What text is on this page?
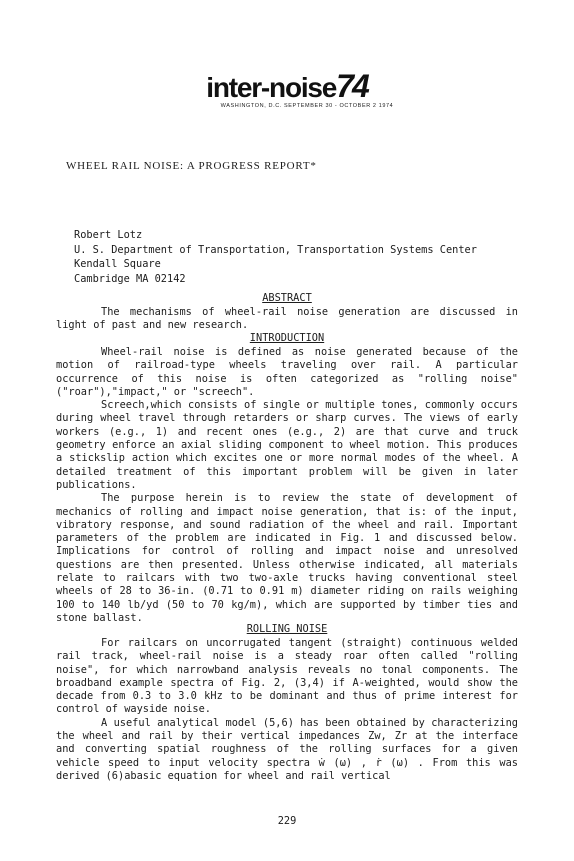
inter-noise74
WASHINGTON, D.C. SEPTEMBER 30 - OCTOBER 2 1974
WHEEL RAIL NOISE: A PROGRESS REPORT*
Robert Lotz
U. S. Department of Transportation, Transportation Systems Center
Kendall Square
Cambridge MA 02142
ABSTRACT

The mechanisms of wheel-rail noise generation are discussed in light of past and new research.

INTRODUCTION

Wheel-rail noise is defined as noise generated because of the motion of railroad-type wheels traveling over rail. A particular occurrence of this noise is often categorized as "rolling noise" ("roar"),"impact," or "screech".

Screech,which consists of single or multiple tones, commonly occurs during wheel travel through retarders or sharp curves. The views of early workers (e.g., 1) and recent ones (e.g., 2) are that curve and truck geometry enforce an axial sliding component to wheel motion. This produces a stickslip action which excites one or more normal modes of the wheel. A detailed treatment of this important problem will be given in later publications.

The purpose herein is to review the state of development of mechanics of rolling and impact noise generation, that is: of the input, vibratory response, and sound radiation of the wheel and rail. Important parameters of the problem are indicated in Fig. 1 and discussed below. Implications for control of rolling and impact noise and unresolved questions are then presented. Unless otherwise indicated, all materials relate to railcars with two two-axle trucks having conventional steel wheels of 28 to 36-in. (0.71 to 0.91 m) diameter riding on rails weighing 100 to 140 lb/yd (50 to 70 kg/m), which are supported by timber ties and stone ballast.

ROLLING NOISE

For railcars on uncorrugated tangent (straight) continuous welded rail track, wheel-rail noise is a steady roar often called "rolling noise", for which narrowband analysis reveals no tonal components. The broadband example spectra of Fig. 2, (3,4) if A-weighted, would show the decade from 0.3 to 3.0 kHz to be dominant and thus of prime interest for control of wayside noise.

A useful analytical model (5,6) has been obtained by characterizing the wheel and rail by their vertical impedances Zw, Zr at the interface and converting spatial roughness of the rolling surfaces for a given vehicle speed to input velocity spectra ẇ (ω) , ṙ (ω) . From this was derived (6)abasic equation for wheel and rail vertical

229
